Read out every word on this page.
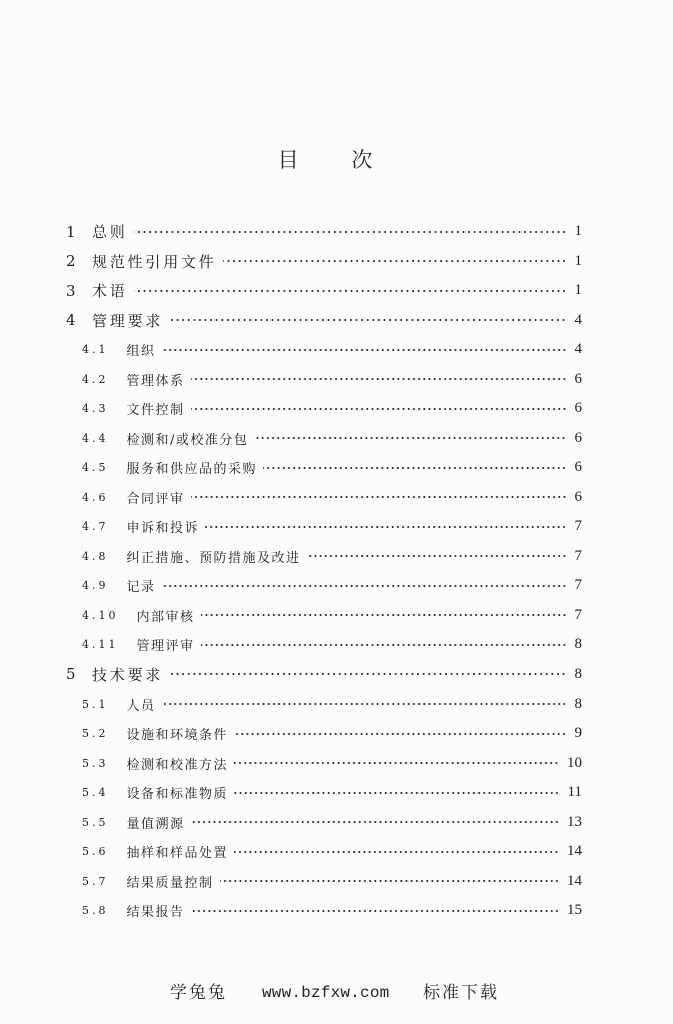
目 次
1	总则	1
2	规范性引用文件	1
3	术语	1
4	管理要求	4
4.1 组织	4
4.2 管理体系	6
4.3 文件控制	6
4.4 检测和/或校准分包	6
4.5 服务和供应品的采购	6
4.6 合同评审	6
4.7 申诉和投诉	7
4.8 纠正措施、预防措施及改进	7
4.9 记录	7
4.10 内部审核	7
4.11 管理评审	8
5	技术要求	8
5.1 人员	8
5.2 设施和环境条件	9
5.3 检测和校准方法	10
5.4 设备和标准物质	11
5.5 量值溯源	13
5.6 抽样和样品处置	14
5.7 结果质量控制	14
5.8 结果报告	15
学兔兔 www.bzfxw.com 标准下载
